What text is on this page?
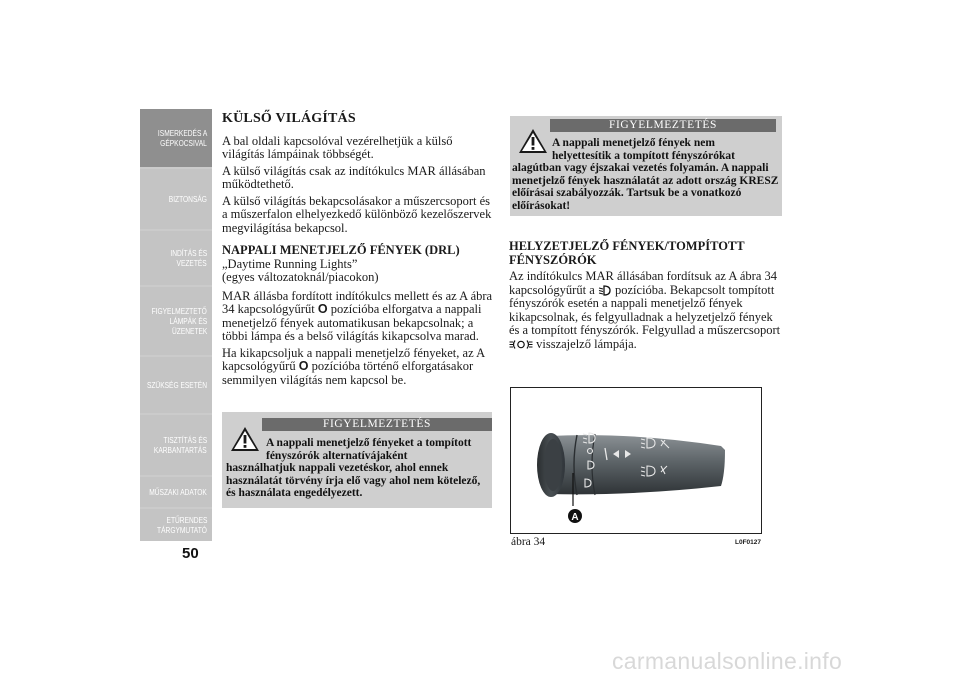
ISMERKEDÉS A
GÉPKOCSIVAL
BIZTONSÁG
INDÍTÁS ÉS
VEZETÉS
FIGYELMEZTETŐ
LÁMPÁK ÉS
ÜZENETEK
SZÜKSÉG ESETÉN
TISZTÍTÁS ÉS
KARBANTARTÁS
MŰSZAKI ADATOK
ETŰRENDES
TÁRGYMUTATÓ
50
KÜLSŐ VILÁGÍTÁS

A bal oldali kapcsolóval vezérelhetjük a külső világítás lámpáinak többségét.

A külső világítás csak az indítókulcs MAR állásában működtethető.

A külső világítás bekapcsolásakor a műszercsoport és a műszerfalon elhelyezkedő különböző kezelőszervek megvilágítása bekapcsol.

NAPPALI MENETJELZŐ FÉNYEK (DRL)
„Daytime Running Lights”

(egyes változatoknál/piacokon)

MAR állásba fordított indítókulcs mellett és az A ábra 34 kapcsológyűrűt O pozícióba elforgatva a nappali menetjelző fények automatikusan bekapcsolnak; a többi lámpa és a belső világítás kikapcsolva marad.

Ha kikapcsoljuk a nappali menetjelző fényeket, az A kapcsológyűrű O pozícióba történő elforgatásakor semmilyen világítás nem kapcsol be.

FIGYELMEZTETÉS
A nappali menetjelző fényeket a tompított
fényszórók alternatívájaként
használhatjuk nappali vezetéskor, ahol ennek használatát törvény írja elő vagy ahol nem kötelező, és használata engedélyezett.
FIGYELMEZTETÉS
A nappali menetjelző fények nem
helyettesítik a tompított fényszórókat
alagútban vagy éjszakai vezetés folyamán. A nappali menetjelző fények használatát az adott ország KRESZ előírásai szabályozzák. Tartsuk be a vonatkozó előírásokat!
HELYZETJELZŐ FÉNYEK/TOMPÍTOTT FÉNYSZÓRÓK

Az indítókulcs MAR állásában fordítsuk az A ábra 34 kapcsológyűrűt a  pozícióba. Bekapcsolt tompított fényszórók esetén a nappali menetjelző fények kikapcsolnak, és felgyulladnak a helyzetjelző fények és a tompított fényszórók. Felgyullad a műszercsoport
visszajelző lámpája.

A
ábra 34	L0F0127
carmanualsonline.info
